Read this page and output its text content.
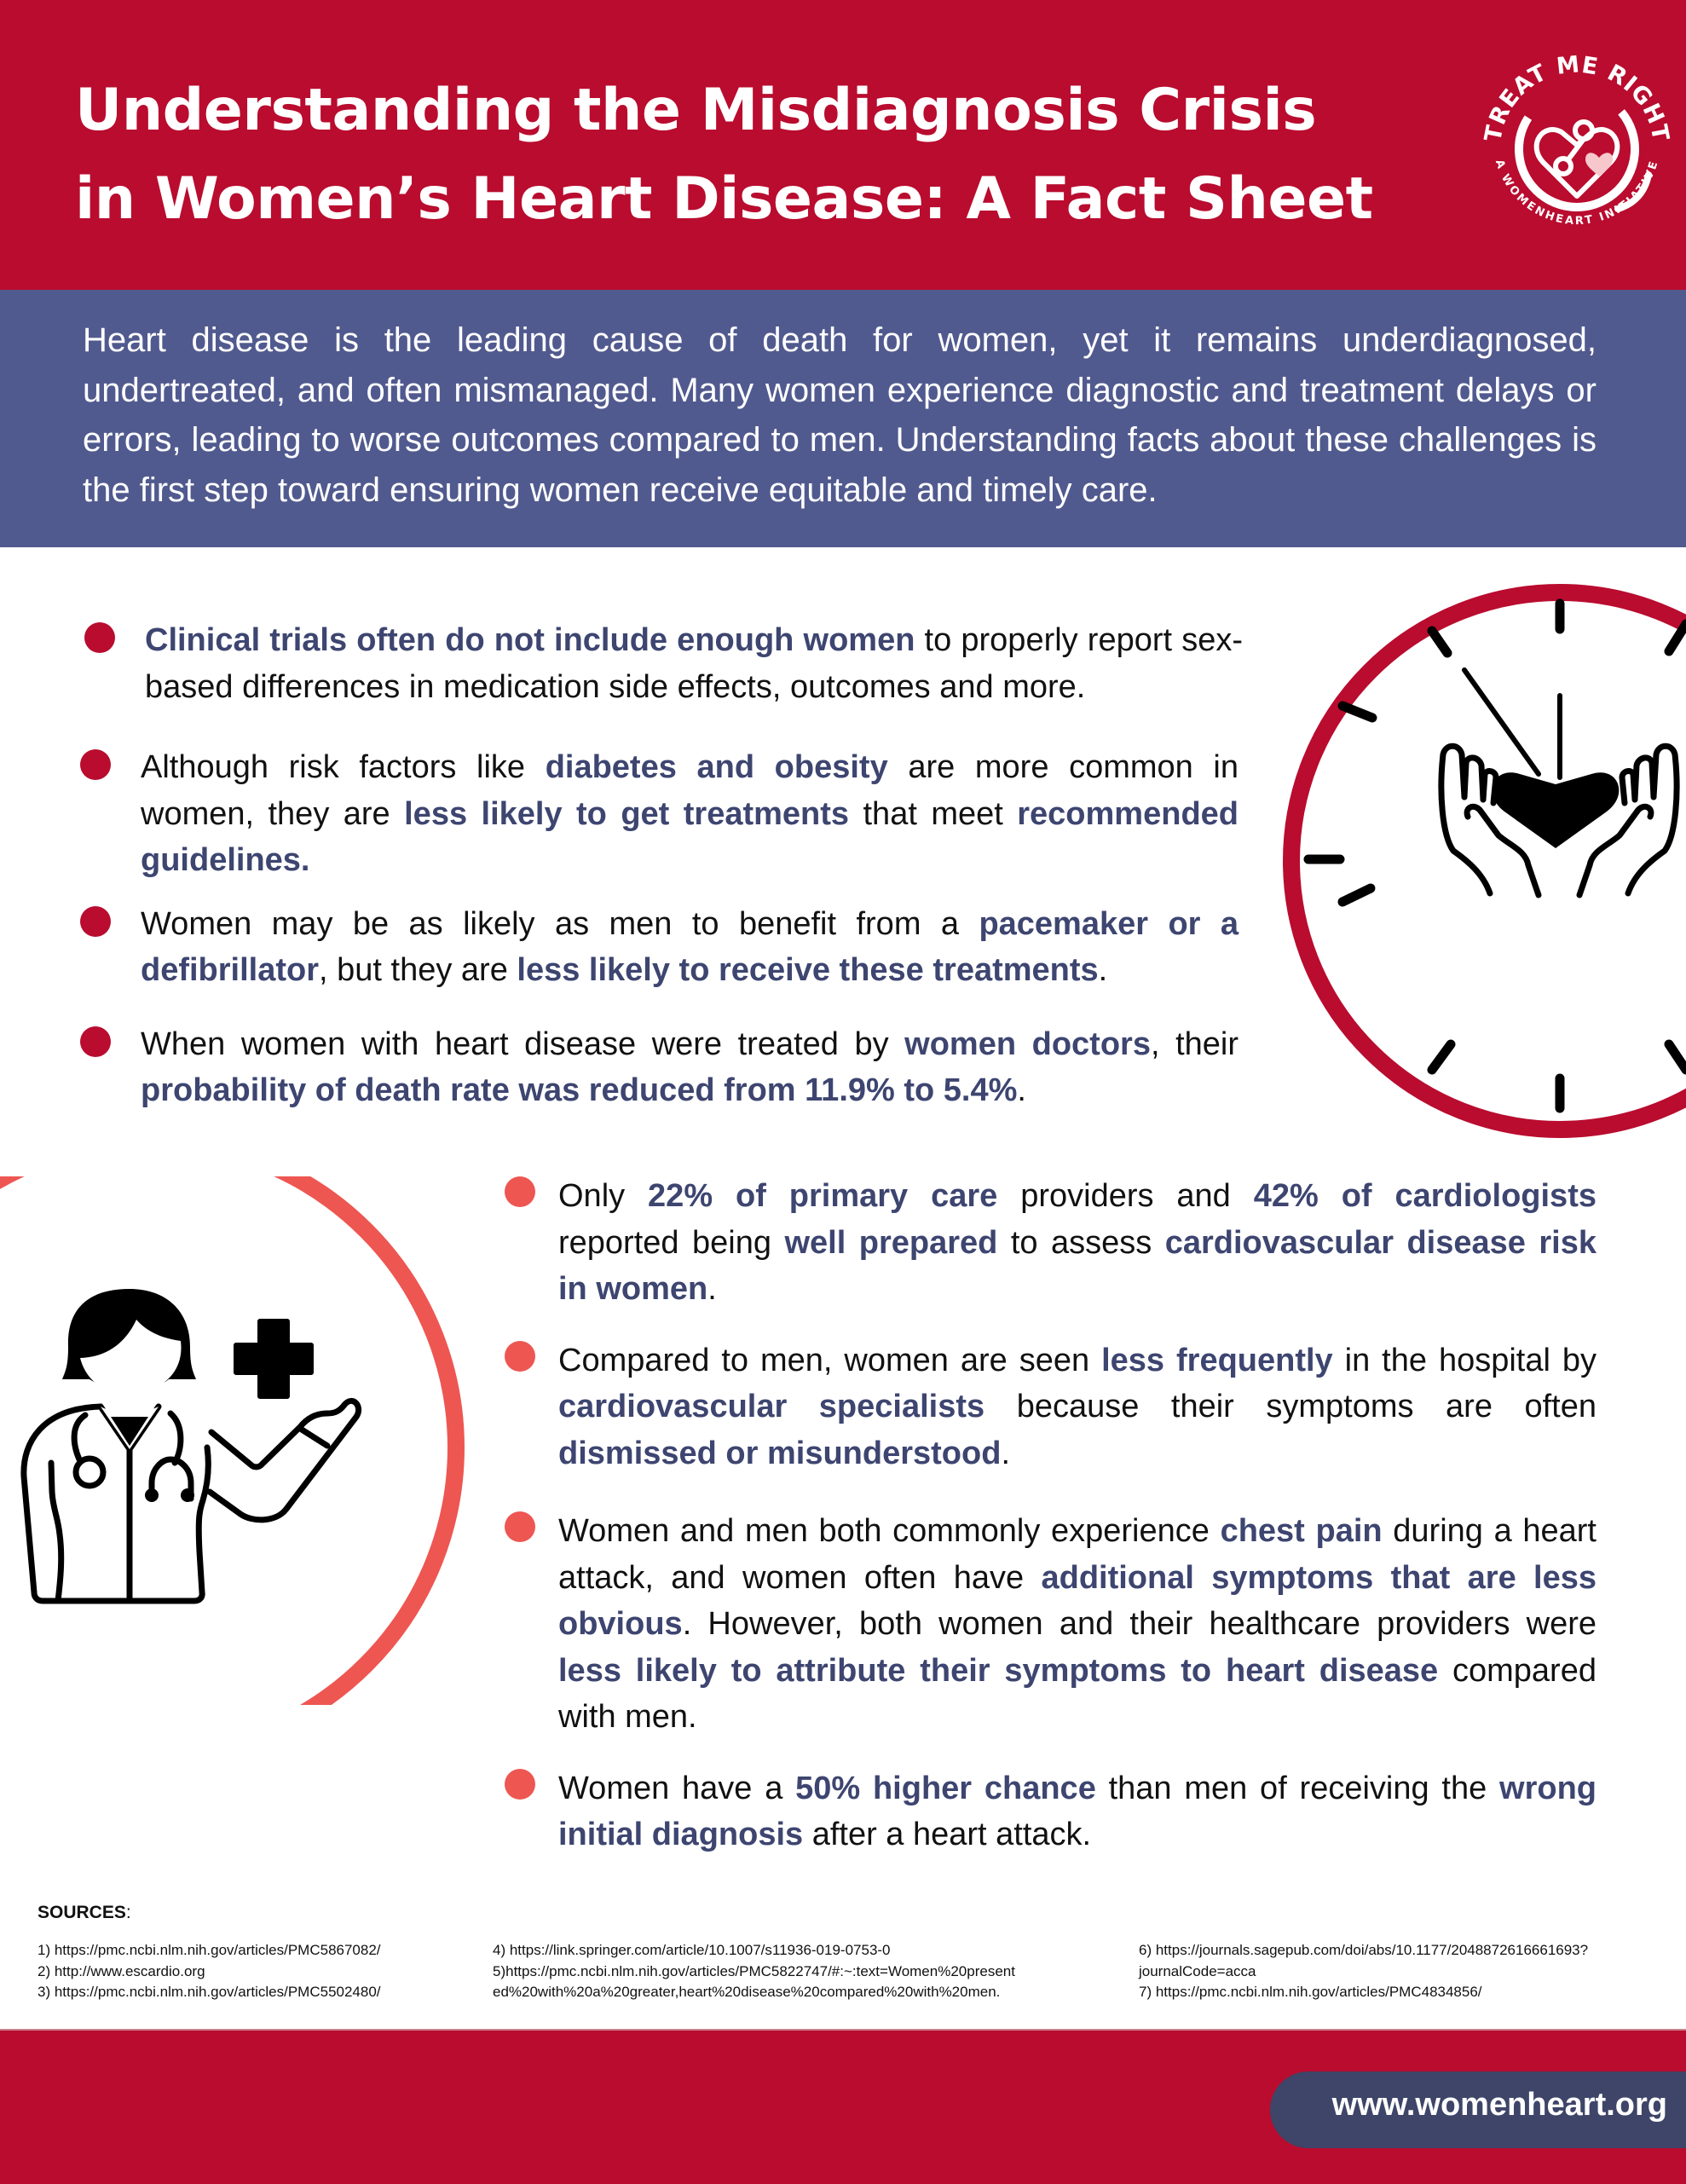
Understanding the Misdiagnosis Crisis
in Women’s Heart Disease: A Fact Sheet
TREAT ME RIGHT
A WOMENHEART INITIATIVE

Heart disease is the leading cause of death for women, yet it remains underdiagnosed, undertreated, and often mismanaged. Many women experience diagnostic and treatment delays or errors, leading to worse outcomes compared to men. Understanding facts about these challenges is the first step toward ensuring women receive equitable and timely care.

Clinical trials often do not include enough women to properly report sex-based differences in medication side effects, outcomes and more.
Although risk factors like diabetes and obesity are more common in women, they are less likely to get treatments that meet recommended guidelines.
Women may be as likely as men to benefit from a pacemaker or a defibrillator, but they are less likely to receive these treatments.
When women with heart disease were treated by women doctors, their probability of death rate was reduced from 11.9% to 5.4%.
Only 22% of primary care providers and 42% of cardiologists reported being well prepared to assess cardiovascular disease risk in women.
Compared to men, women are seen less frequently in the hospital by cardiovascular specialists because their symptoms are often dismissed or misunderstood.
Women and men both commonly experience chest pain during a heart attack, and women often have additional symptoms that are less obvious. However, both women and their healthcare providers were less likely to attribute their symptoms to heart disease compared with men.
Women have a 50% higher chance than men of receiving the wrong initial diagnosis after a heart attack.
SOURCES:
1) https://pmc.ncbi.nlm.nih.gov/articles/PMC5867082/
2) http://www.escardio.org
3) https://pmc.ncbi.nlm.nih.gov/articles/PMC5502480/
4) https://link.springer.com/article/10.1007/s11936-019-0753-0
5)https://pmc.ncbi.nlm.nih.gov/articles/PMC5822747/#:~:text=Women%20present
ed%20with%20a%20greater,heart%20disease%20compared%20with%20men.
6) https://journals.sagepub.com/doi/abs/10.1177/2048872616661693?
journalCode=acca
7) https://pmc.ncbi.nlm.nih.gov/articles/PMC4834856/
www.womenheart.org
